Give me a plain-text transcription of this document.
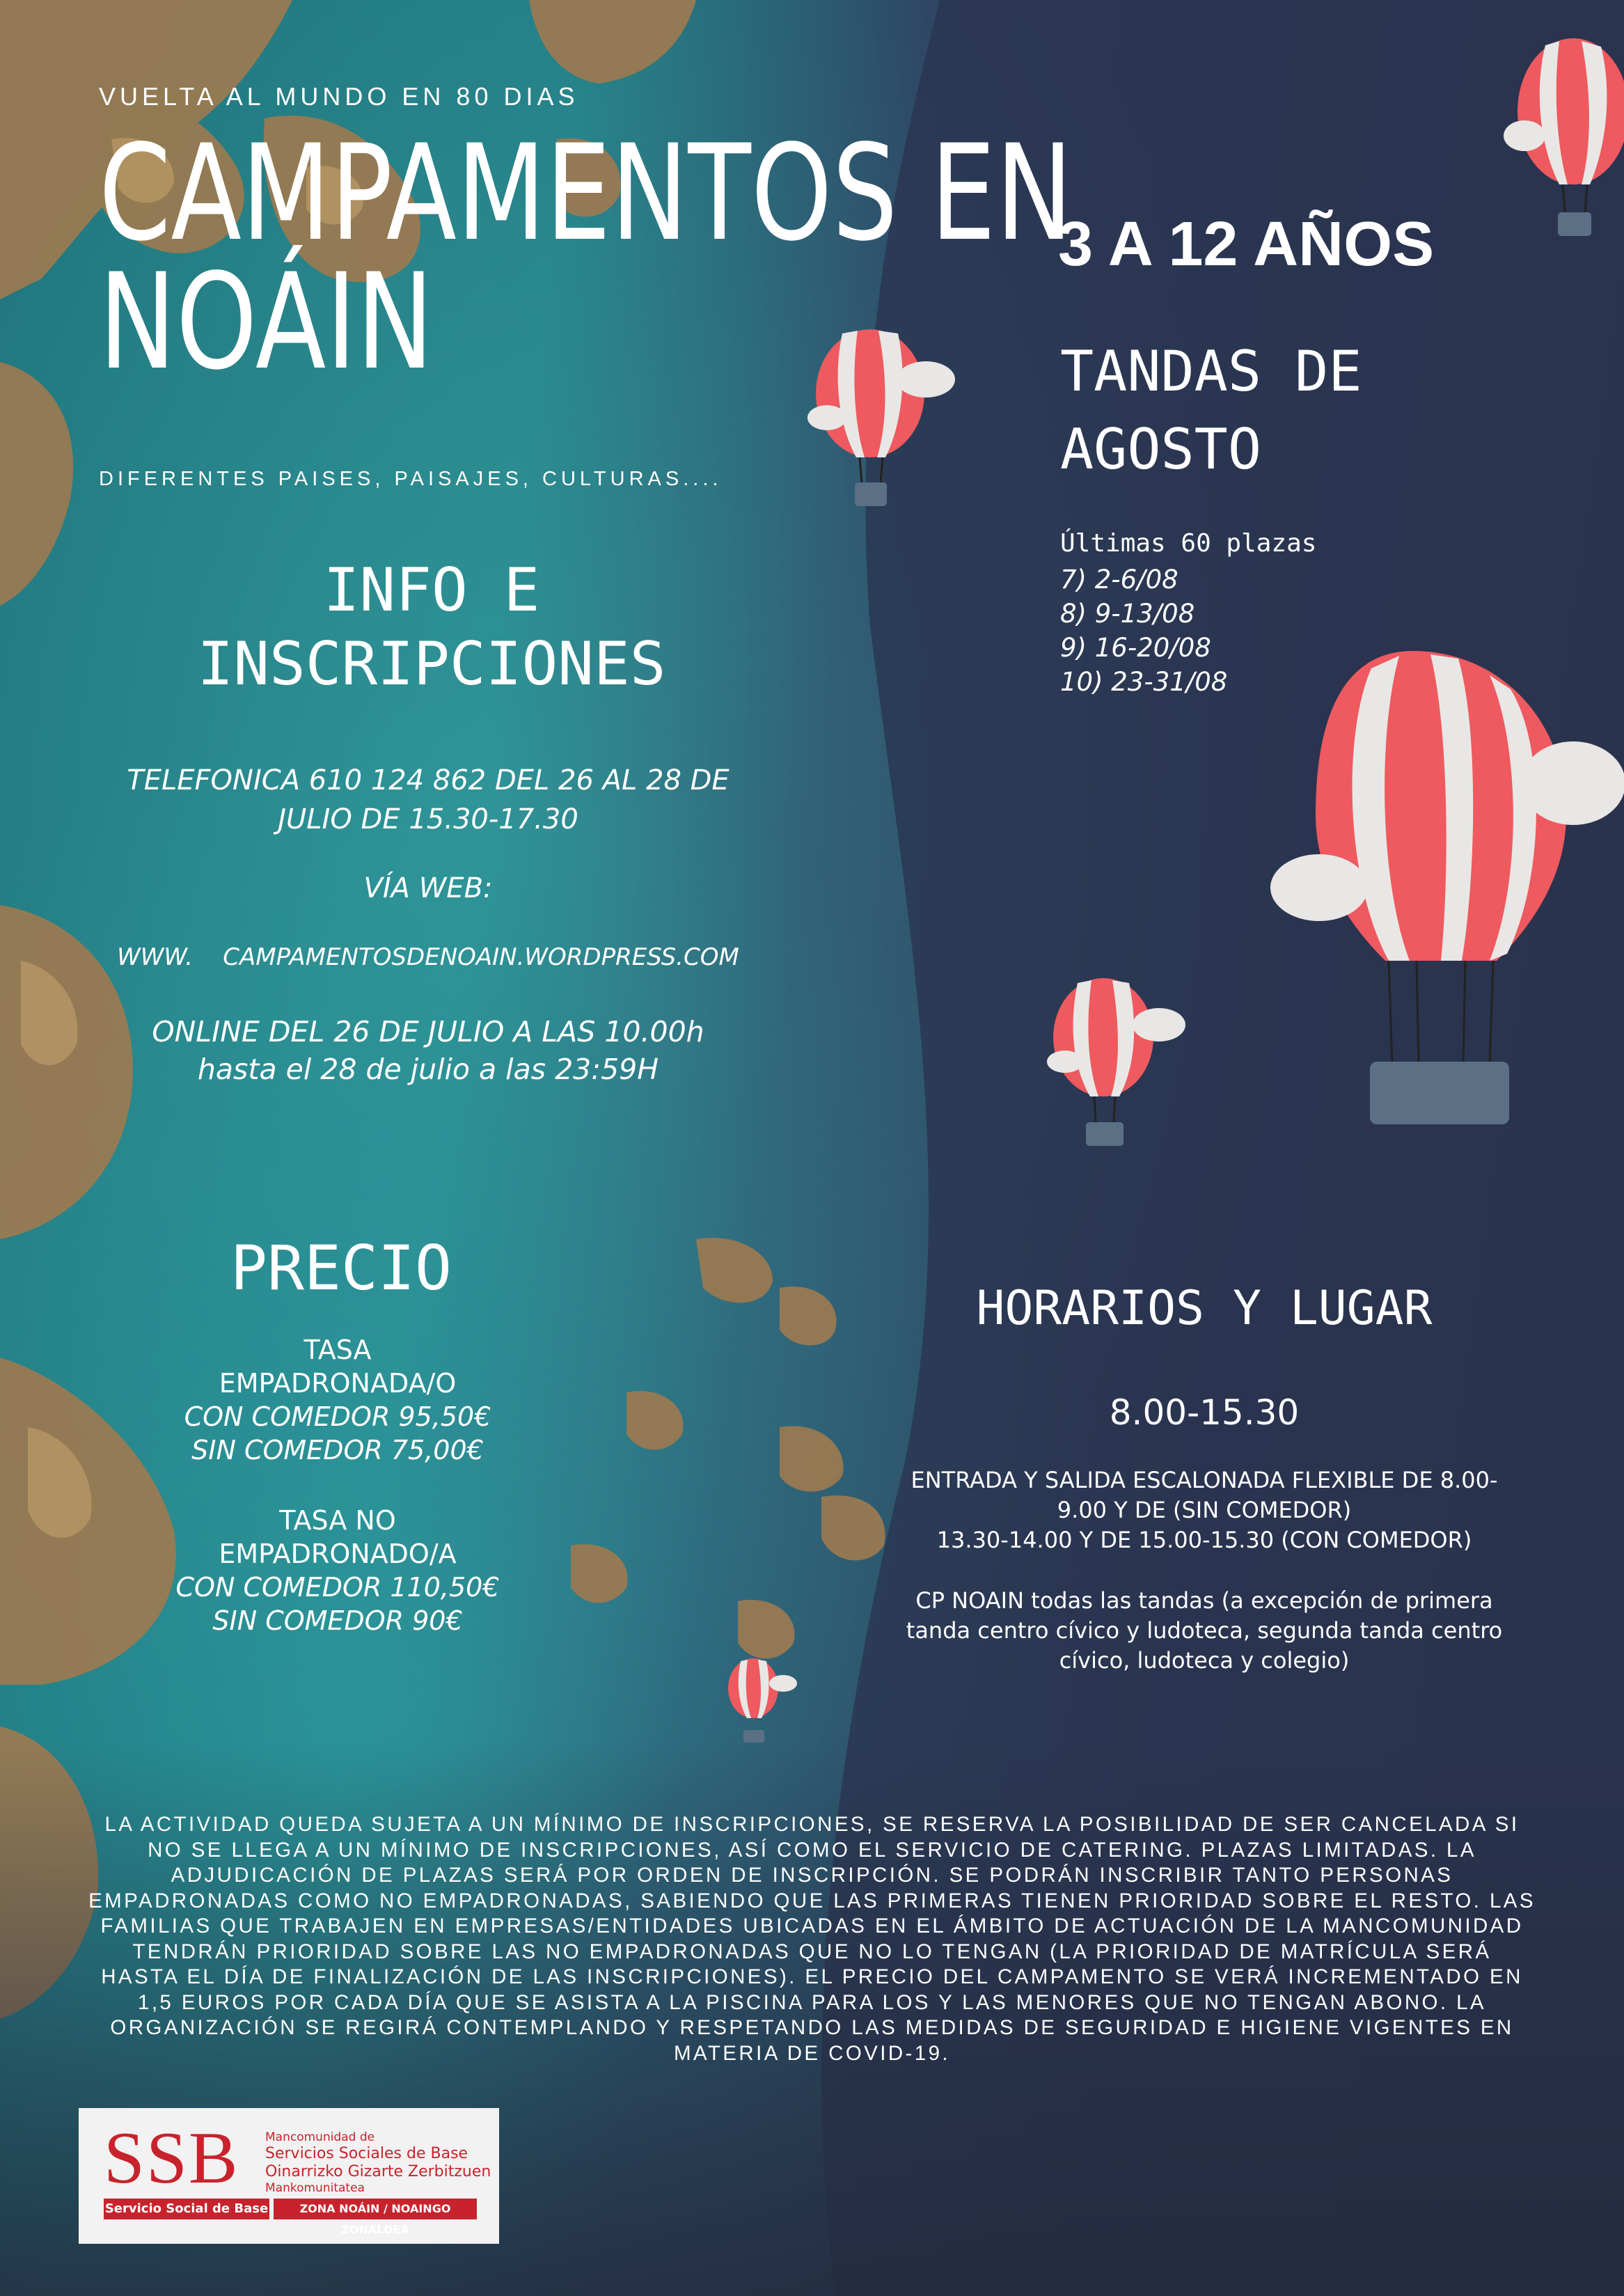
VUELTA AL MUNDO EN 80 DIAS
CAMPAMENTOS EN
NOÁIN
DIFERENTES PAISES, PAISAJES, CULTURAS....
INFO E
INSCRIPCIONES
TELEFONICA 610 124 862 DEL 26 AL 28 DE
JULIO DE 15.30-17.30
VÍA WEB:
WWW.    CAMPAMENTOSDENOAIN.WORDPRESS.COM
ONLINE DEL 26 DE JULIO A LAS 10.00h
hasta el 28 de julio a las 23:59H
3 A 12 AÑOS
TANDAS DE
AGOSTO
Últimas 60 plazas
7) 2-6/08
8) 9-13/08
9) 16-20/08
10) 23-31/08
PRECIO
TASA
EMPADRONADA/O
CON COMEDOR 95,50€
SIN COMEDOR 75,00€
TASA NO
EMPADRONADO/A
CON COMEDOR 110,50€
SIN COMEDOR 90€
HORARIOS Y LUGAR
8.00-15.30
ENTRADA Y SALIDA ESCALONADA FLEXIBLE DE 8.00-
9.00 Y DE (SIN COMEDOR)
13.30-14.00 Y DE 15.00-15.30 (CON COMEDOR)
CP NOAIN todas las tandas (a excepción de primera
tanda centro cívico y ludoteca, segunda tanda centro
cívico, ludoteca y colegio)
LA ACTIVIDAD QUEDA SUJETA A UN MÍNIMO DE INSCRIPCIONES, SE RESERVA LA POSIBILIDAD DE SER CANCELADA SI
NO SE LLEGA A UN MÍNIMO DE INSCRIPCIONES, ASÍ COMO EL SERVICIO DE CATERING. PLAZAS LIMITADAS. LA
ADJUDICACIÓN DE PLAZAS SERÁ POR ORDEN DE INSCRIPCIÓN. SE PODRÁN INSCRIBIR TANTO PERSONAS
EMPADRONADAS COMO NO EMPADRONADAS, SABIENDO QUE LAS PRIMERAS TIENEN PRIORIDAD SOBRE EL RESTO. LAS
FAMILIAS QUE TRABAJEN EN EMPRESAS/ENTIDADES UBICADAS EN EL ÁMBITO DE ACTUACIÓN DE LA MANCOMUNIDAD
TENDRÁN PRIORIDAD SOBRE LAS NO EMPADRONADAS QUE NO LO TENGAN (LA PRIORIDAD DE MATRÍCULA SERÁ
HASTA EL DÍA DE FINALIZACIÓN DE LAS INSCRIPCIONES). EL PRECIO DEL CAMPAMENTO SE VERÁ INCREMENTADO EN
1,5 EUROS POR CADA DÍA QUE SE ASISTA A LA PISCINA PARA LOS Y LAS MENORES QUE NO TENGAN ABONO. LA
ORGANIZACIÓN SE REGIRÁ CONTEMPLANDO Y RESPETANDO LAS MEDIDAS DE SEGURIDAD E HIGIENE VIGENTES EN
MATERIA DE COVID-19.
SSB Mancomunidad de
Servicios Sociales de Base
Oinarrizko Gizarte Zerbitzuen
Mankomunitatea
Servicio Social de Base	ZONA NOÁIN / NOAINGO ZONALDEA
